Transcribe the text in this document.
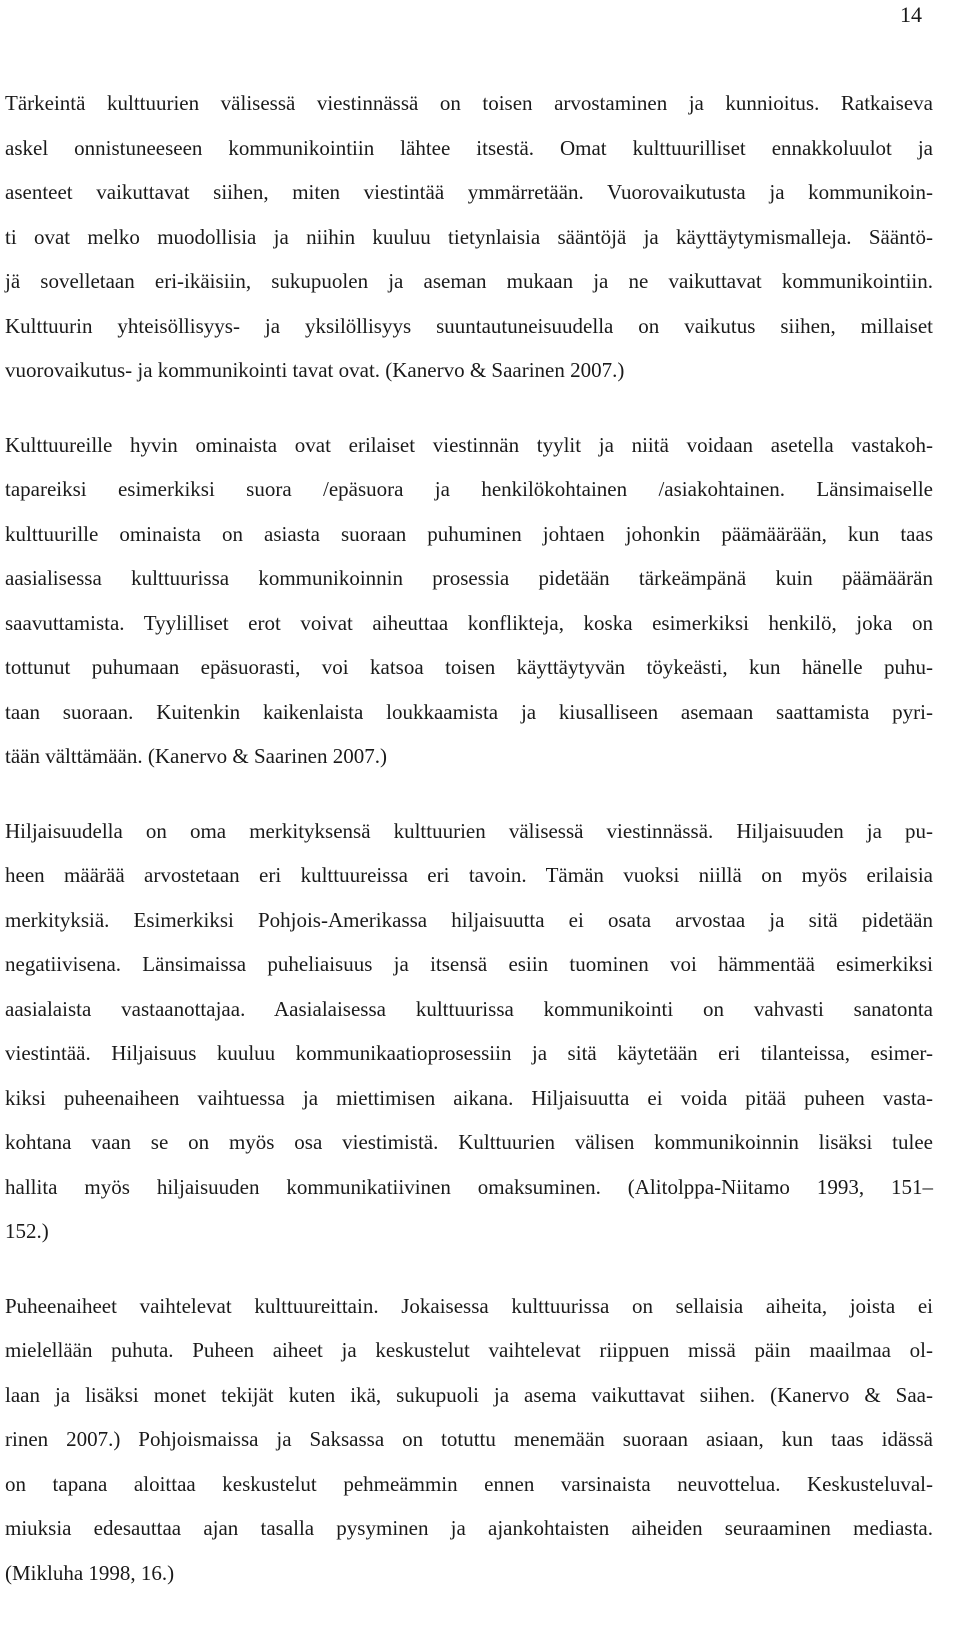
14

Tärkeintä kulttuurien välisessä viestinnässä on toisen arvostaminen ja kunnioitus. Ratkaiseva
askel onnistuneeseen kommunikointiin lähtee itsestä. Omat kulttuurilliset ennakkoluulot ja
asenteet vaikuttavat siihen, miten viestintää ymmärretään. Vuorovaikutusta ja kommunikoin-
ti ovat melko muodollisia ja niihin kuuluu tietynlaisia sääntöjä ja käyttäytymismalleja. Sääntö-
jä sovelletaan eri-ikäisiin, sukupuolen ja aseman mukaan ja ne vaikuttavat kommunikointiin.
Kulttuurin yhteisöllisyys- ja yksilöllisyys suuntautuneisuudella on vaikutus siihen, millaiset
vuorovaikutus- ja kommunikointi tavat ovat. (Kanervo & Saarinen 2007.)

Kulttuureille hyvin ominaista ovat erilaiset viestinnän tyylit ja niitä voidaan asetella vastakoh-
tapareiksi esimerkiksi suora /epäsuora ja henkilökohtainen /asiakohtainen. Länsimaiselle
kulttuurille ominaista on asiasta suoraan puhuminen johtaen johonkin päämäärään, kun taas
aasialisessa kulttuurissa kommunikoinnin prosessia pidetään tärkeämpänä kuin päämäärän
saavuttamista. Tyylilliset erot voivat aiheuttaa konflikteja, koska esimerkiksi henkilö, joka on
tottunut puhumaan epäsuorasti, voi katsoa toisen käyttäytyvän töykeästi, kun hänelle puhu-
taan suoraan. Kuitenkin kaikenlaista loukkaamista ja kiusalliseen asemaan saattamista pyri-
tään välttämään. (Kanervo & Saarinen 2007.)

Hiljaisuudella on oma merkityksensä kulttuurien välisessä viestinnässä. Hiljaisuuden ja pu-
heen määrää arvostetaan eri kulttuureissa eri tavoin. Tämän vuoksi niillä on myös erilaisia
merkityksiä. Esimerkiksi Pohjois-Amerikassa hiljaisuutta ei osata arvostaa ja sitä pidetään
negatiivisena. Länsimaissa puheliaisuus ja itsensä esiin tuominen voi hämmentää esimerkiksi
aasialaista vastaanottajaa. Aasialaisessa kulttuurissa kommunikointi on vahvasti sanatonta
viestintää. Hiljaisuus kuuluu kommunikaatioprosessiin ja sitä käytetään eri tilanteissa, esimer-
kiksi puheenaiheen vaihtuessa ja miettimisen aikana. Hiljaisuutta ei voida pitää puheen vasta-
kohtana vaan se on myös osa viestimistä. Kulttuurien välisen kommunikoinnin lisäksi tulee
hallita myös hiljaisuuden kommunikatiivinen omaksuminen. (Alitolppa-Niitamo 1993, 151–
152.)

Puheenaiheet vaihtelevat kulttuureittain. Jokaisessa kulttuurissa on sellaisia aiheita, joista ei
mielellään puhuta. Puheen aiheet ja keskustelut vaihtelevat riippuen missä päin maailmaa ol-
laan ja lisäksi monet tekijät kuten ikä, sukupuoli ja asema vaikuttavat siihen. (Kanervo & Saa-
rinen 2007.) Pohjoismaissa ja Saksassa on totuttu menemään suoraan asiaan, kun taas idässä
on tapana aloittaa keskustelut pehmeämmin ennen varsinaista neuvottelua. Keskusteluval-
miuksia edesauttaa ajan tasalla pysyminen ja ajankohtaisten aiheiden seuraaminen mediasta.
(Mikluha 1998, 16.)
